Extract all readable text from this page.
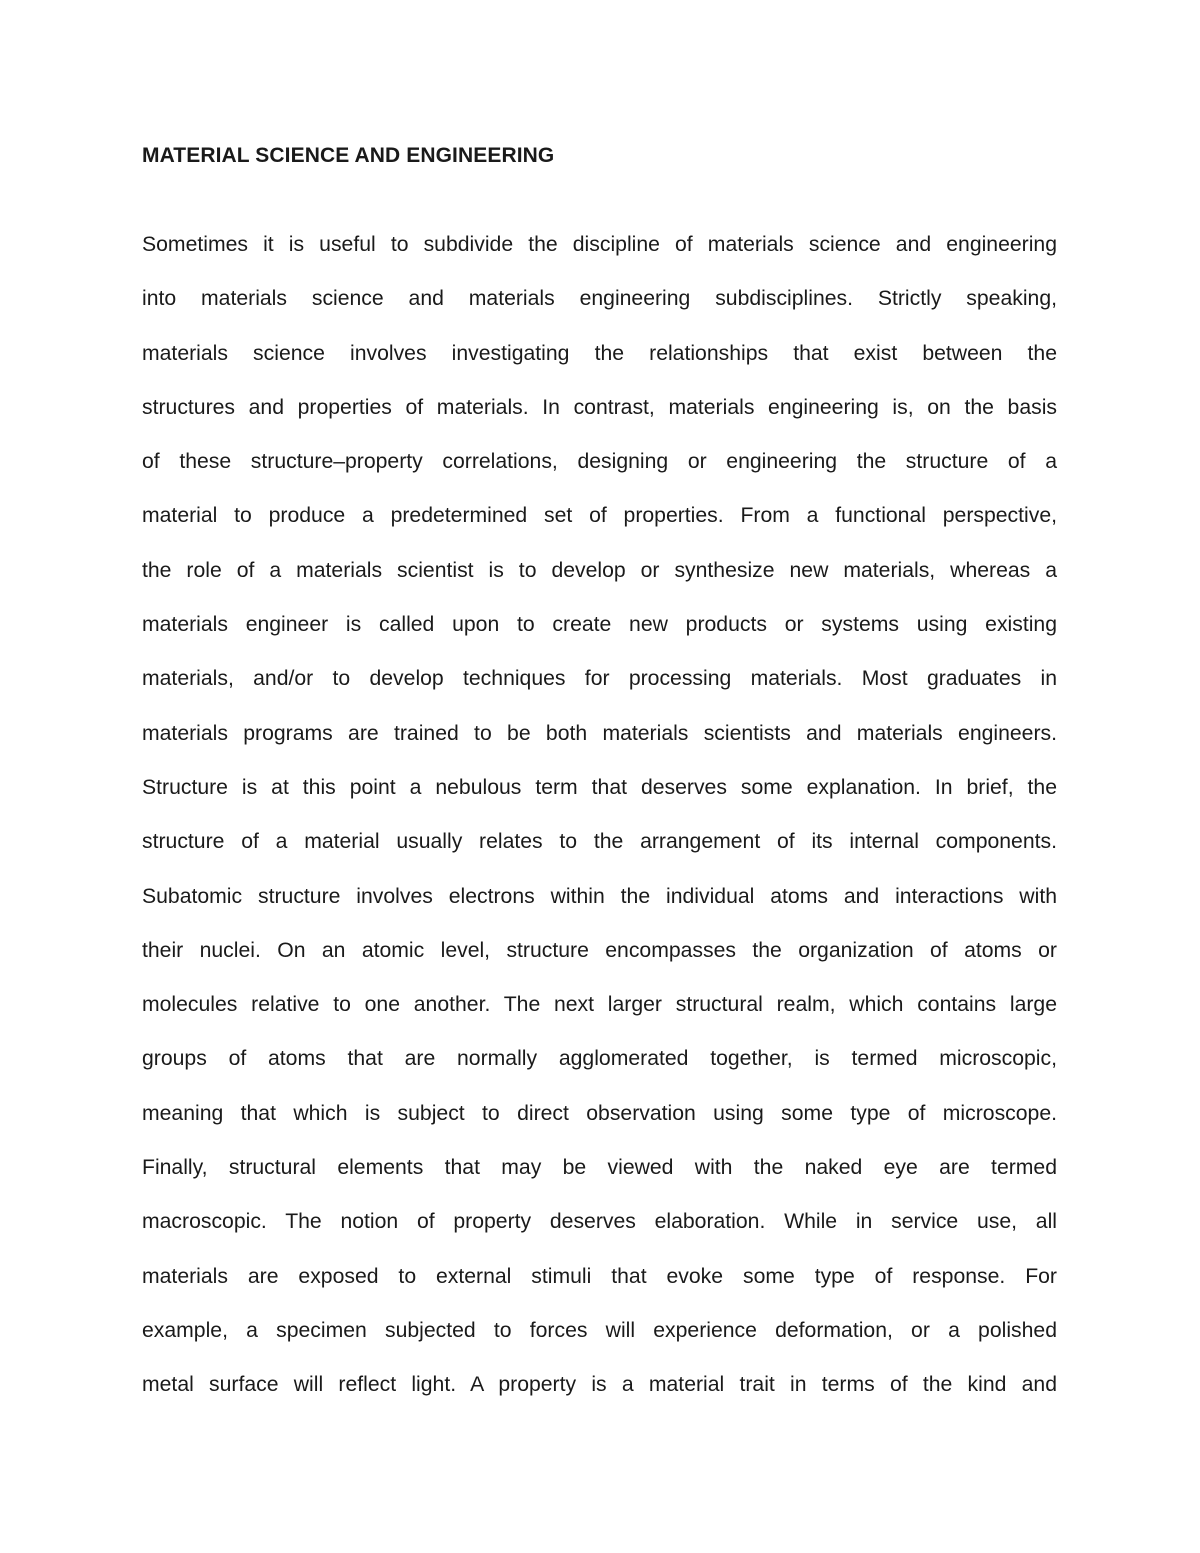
MATERIAL SCIENCE AND ENGINEERING
Sometimes it is useful to subdivide the discipline of materials science and engineering
into materials science and materials engineering subdisciplines. Strictly speaking,
materials science involves investigating the relationships that exist between the
structures and properties of materials. In contrast, materials engineering is, on the basis
of these structure–property correlations, designing or engineering the structure of a
material to produce a predetermined set of properties. From a functional perspective,
the role of a materials scientist is to develop or synthesize new materials, whereas a
materials engineer is called upon to create new products or systems using existing
materials, and/or to develop techniques for processing materials. Most graduates in
materials programs are trained to be both materials scientists and materials engineers.
Structure is at this point a nebulous term that deserves some explanation. In brief, the
structure of a material usually relates to the arrangement of its internal components.
Subatomic structure involves electrons within the individual atoms and interactions with
their nuclei. On an atomic level, structure encompasses the organization of atoms or
molecules relative to one another. The next larger structural realm, which contains large
groups of atoms that are normally agglomerated together, is termed microscopic,
meaning that which is subject to direct observation using some type of microscope.
Finally, structural elements that may be viewed with the naked eye are termed
macroscopic. The notion of property deserves elaboration. While in service use, all
materials are exposed to external stimuli that evoke some type of response. For
example, a specimen subjected to forces will experience deformation, or a polished
metal surface will reflect light. A property is a material trait in terms of the kind and
